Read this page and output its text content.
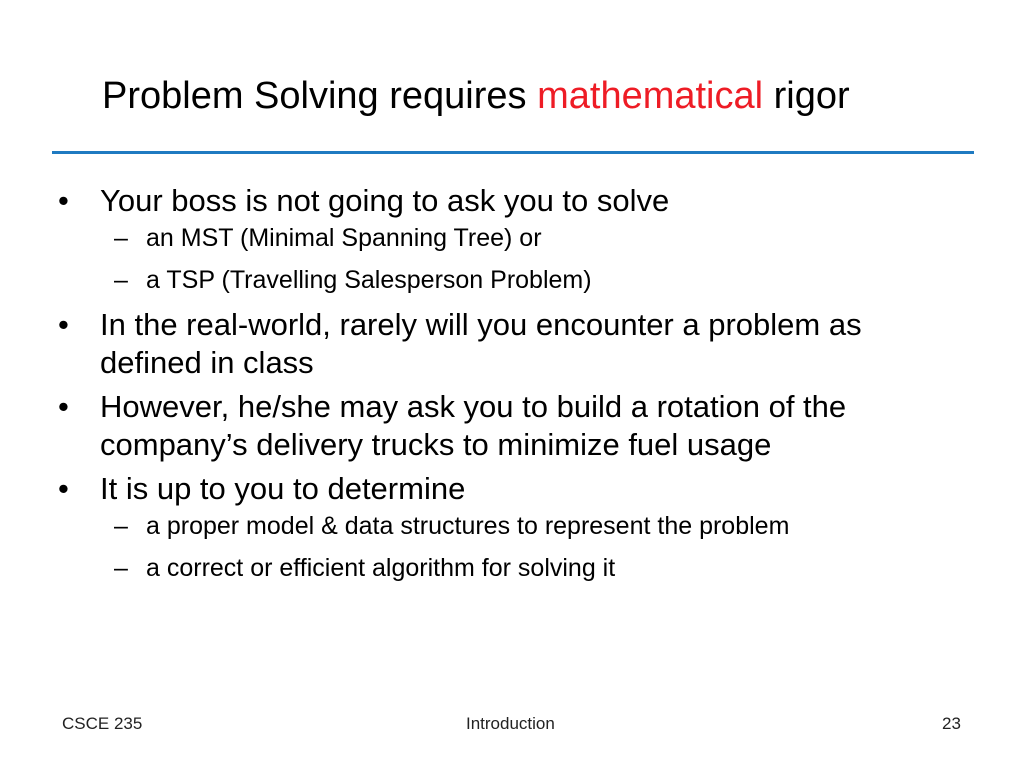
Problem Solving requires mathematical rigor
•	Your boss is not going to ask you to solve
– an MST (Minimal Spanning Tree) or
– a TSP (Travelling Salesperson Problem)
•	In the real-world, rarely will you encounter a problem as defined in class
•	However, he/she may ask you to build a rotation of the company’s delivery trucks to minimize fuel usage
•	It is up to you to determine
– a proper model & data structures to represent the problem
– a correct or efficient algorithm for solving it
CSCE 235	Introduction	23
